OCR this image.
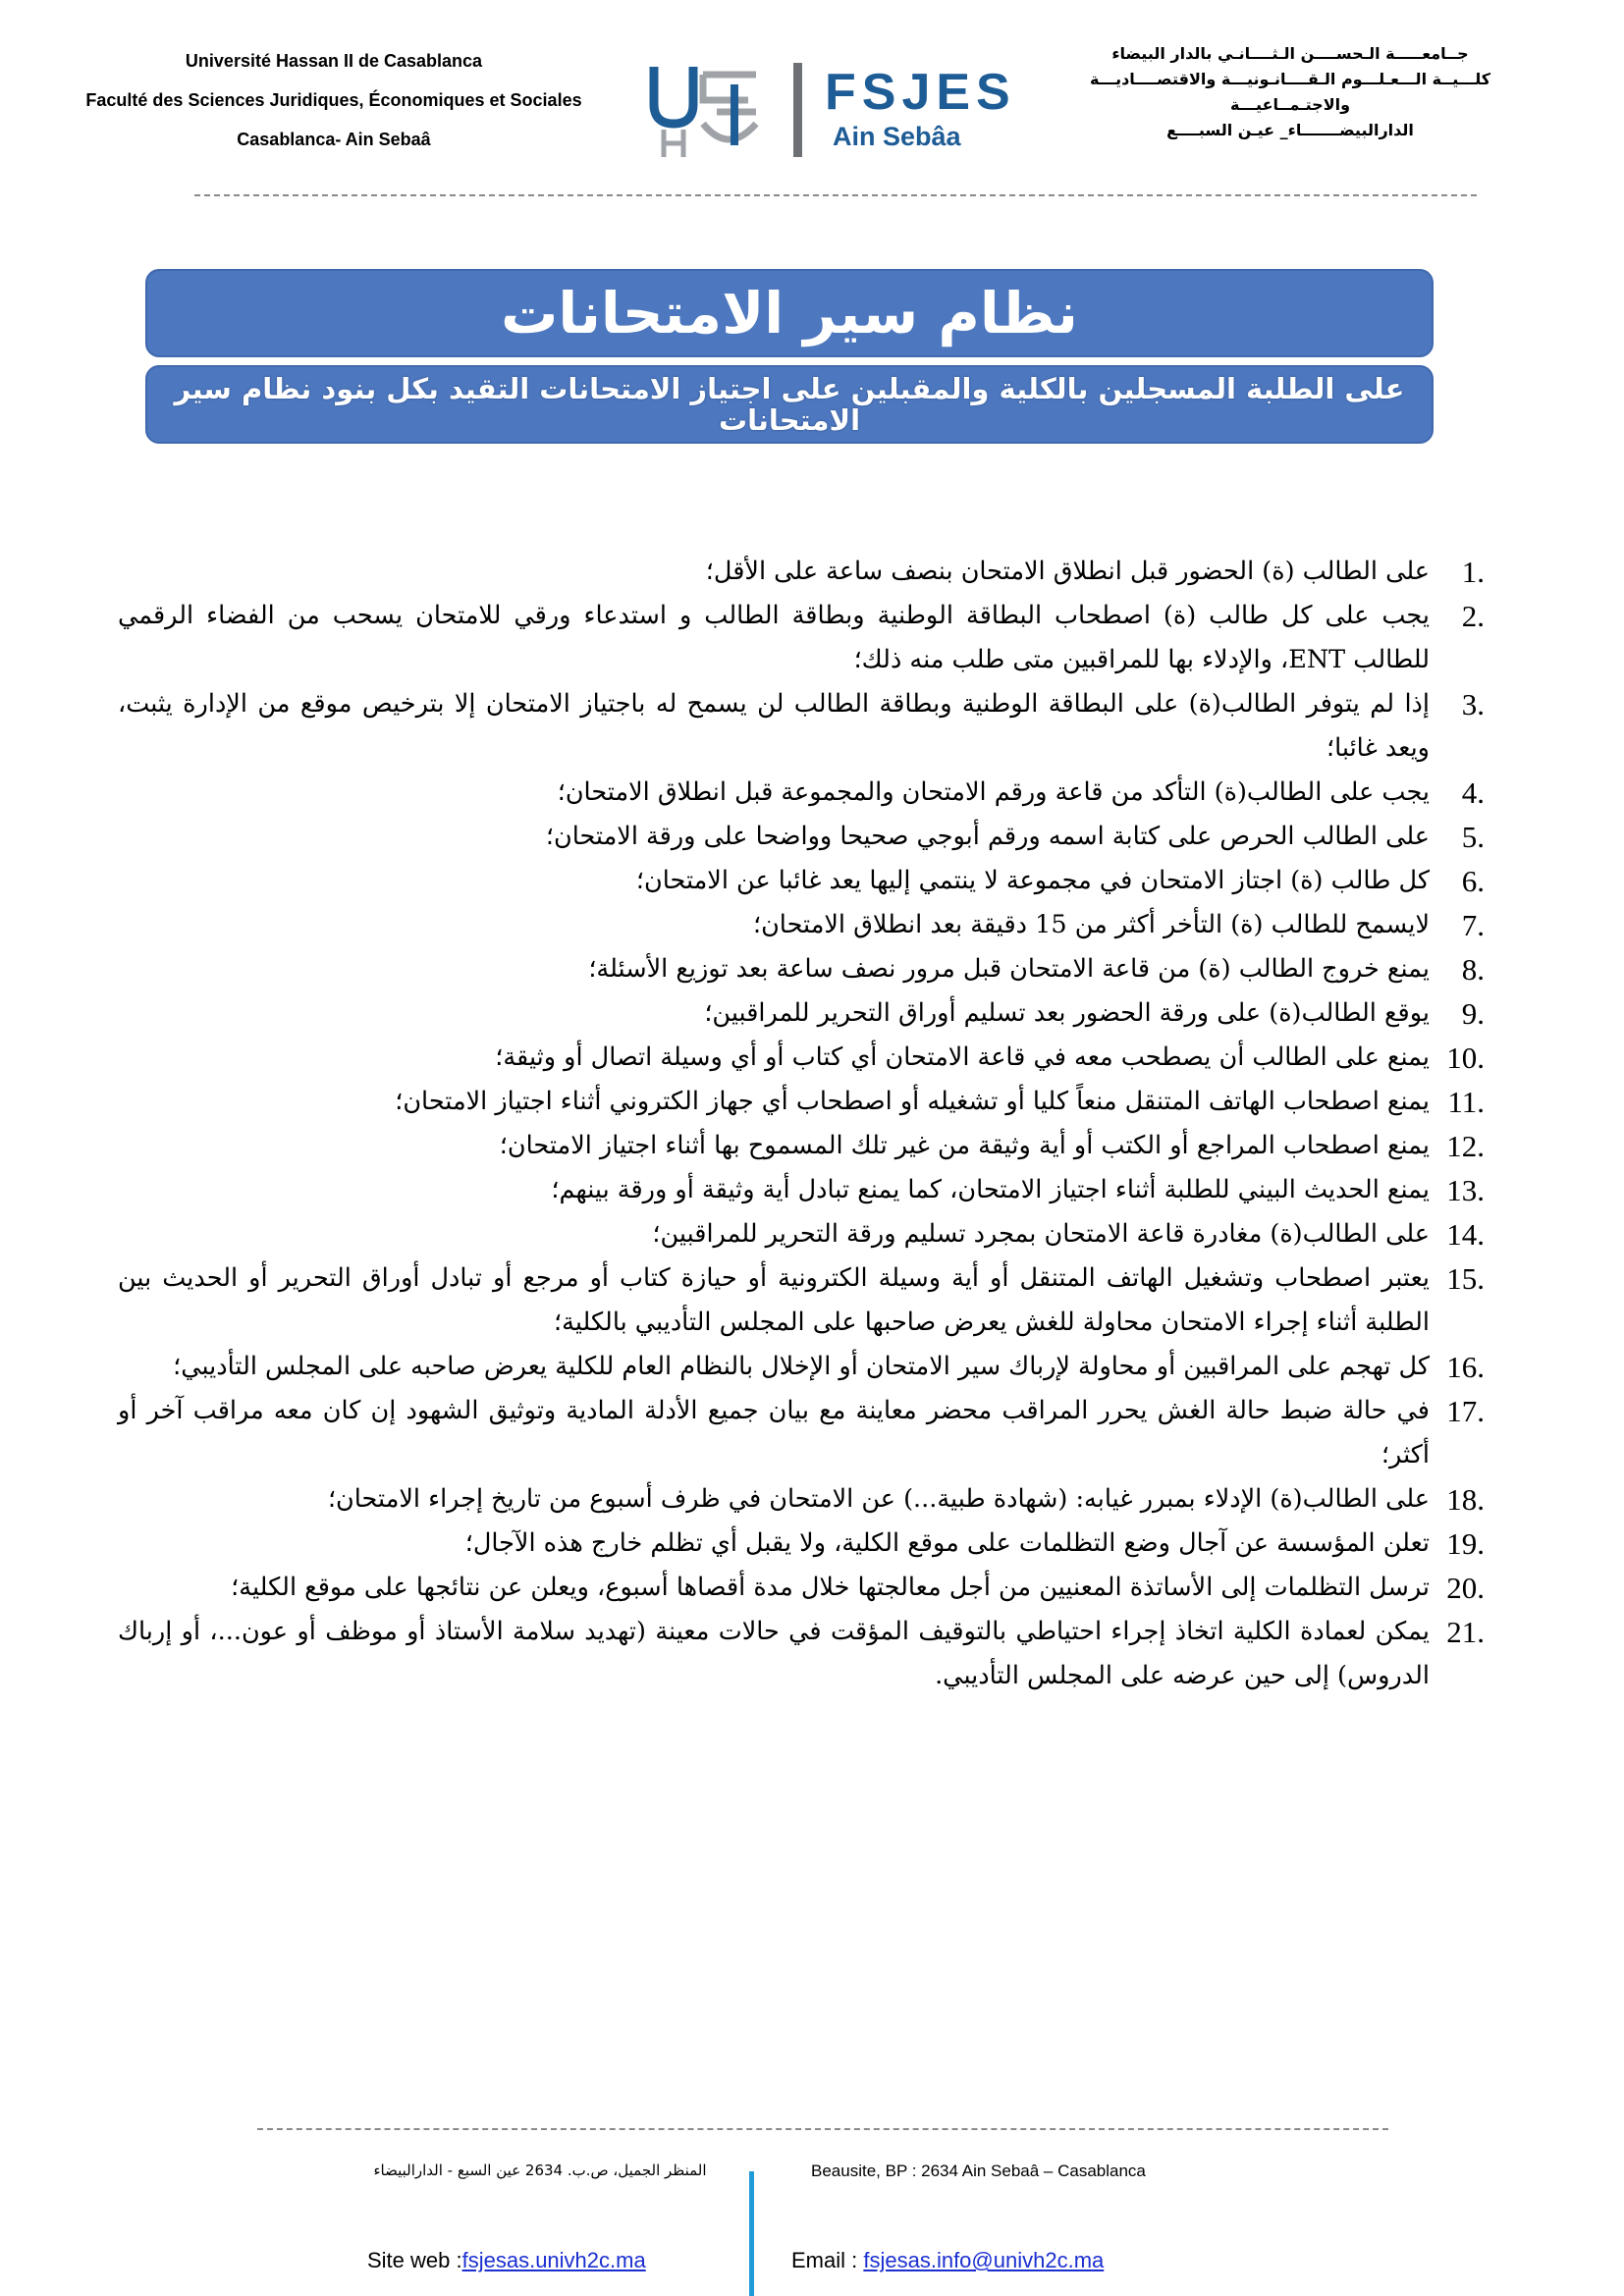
Université Hassan II de Casablanca
Faculté des Sciences Juridiques, Économiques et Sociales
Casablanca- Ain Sebaâ
FSJES
Ain Sebâa
جــامعـــــة الـحســــن الـثــــانـي بالدار البيضاء
كلـــيــة الـــعـلـــوم الـقــــانـونيـــة والاقتصــــاديـــة
والاجتـمــاعيـــة
الدارالبيضـــــــاء_ عيـن السبــــع
نظام سير الامتحانات
على الطلبة المسجلين بالكلية والمقبلين على اجتياز الامتحانات التقيد بكل بنود نظام سير الامتحانات
1.
على الطالب (ة) الحضور قبل انطلاق الامتحان بنصف ساعة على الأقل؛
2.
يجب على كل طالب (ة) اصطحاب البطاقة الوطنية وبطاقة الطالب و استدعاء ورقي للامتحان يسحب من الفضاء الرقمي للطالب ENT، والإدلاء بها للمراقبين متى طلب منه ذلك؛
3.
إذا لم يتوفر الطالب(ة) على البطاقة الوطنية وبطاقة الطالب لن يسمح له باجتياز الامتحان إلا بترخيص موقع من الإدارة يثبت، ويعد غائبا؛
4.
يجب على الطالب(ة) التأكد من قاعة ورقم الامتحان والمجموعة قبل انطلاق الامتحان؛
5.
على الطالب الحرص على كتابة اسمه ورقم أبوجي صحيحا وواضحا على ورقة الامتحان؛
6.
كل طالب (ة) اجتاز الامتحان في مجموعة لا ينتمي إليها يعد غائبا عن الامتحان؛
7.
لايسمح للطالب (ة) التأخر أكثر من 15 دقيقة بعد انطلاق الامتحان؛
8.
يمنع خروج الطالب (ة) من قاعة الامتحان قبل مرور نصف ساعة بعد توزيع الأسئلة؛
9.
يوقع الطالب(ة) على ورقة الحضور بعد تسليم أوراق التحرير للمراقبين؛
10.
يمنع على الطالب أن يصطحب معه في قاعة الامتحان أي كتاب أو أي وسيلة اتصال أو وثيقة؛
11.
يمنع اصطحاب الهاتف المتنقل منعاً كليا أو تشغيله أو اصطحاب أي جهاز الكتروني أثناء اجتياز الامتحان؛
12.
يمنع اصطحاب المراجع أو الكتب أو أية وثيقة من غير تلك المسموح بها أثناء اجتياز الامتحان؛
13.
يمنع الحديث البيني للطلبة أثناء اجتياز الامتحان، كما يمنع تبادل أية وثيقة أو ورقة بينهم؛
14.
على الطالب(ة) مغادرة قاعة الامتحان بمجرد تسليم ورقة التحرير للمراقبين؛
15.
يعتبر اصطحاب وتشغيل الهاتف المتنقل أو أية وسيلة الكترونية أو حيازة كتاب أو مرجع أو تبادل أوراق التحرير أو الحديث بين الطلبة أثناء إجراء الامتحان محاولة للغش يعرض صاحبها على المجلس التأديبي بالكلية؛
16.
كل تهجم على المراقبين أو محاولة لإرباك سير الامتحان أو الإخلال بالنظام العام للكلية يعرض صاحبه على المجلس التأديبي؛
17.
في حالة ضبط حالة الغش يحرر المراقب محضر معاينة مع بيان جميع الأدلة المادية وتوثيق الشهود إن كان معه مراقب آخر أو أكثر؛
18.
على الطالب(ة) الإدلاء بمبرر غيابه: (شهادة طبية...) عن الامتحان في ظرف أسبوع من تاريخ إجراء الامتحان؛
19.
تعلن المؤسسة عن آجال وضع التظلمات على موقع الكلية، ولا يقبل أي تظلم خارج هذه الآجال؛
20.
ترسل التظلمات إلى الأساتذة المعنيين من أجل معالجتها خلال مدة أقصاها أسبوع، ويعلن عن نتائجها على موقع الكلية؛
21.
يمكن لعمادة الكلية اتخاذ إجراء احتياطي بالتوقيف المؤقت في حالات معينة (تهديد سلامة الأستاذ أو موظف أو عون...، أو إرباك الدروس) إلى حين عرضه على المجلس التأديبي.
المنظر الجميل، ص.ب. 2634 عين السبع - الدارالبيضاء	Beausite, BP : 2634 Ain Sebaâ – Casablanca
Site web :fsjesas.univh2c.ma	Email : fsjesas.info@univh2c.ma
